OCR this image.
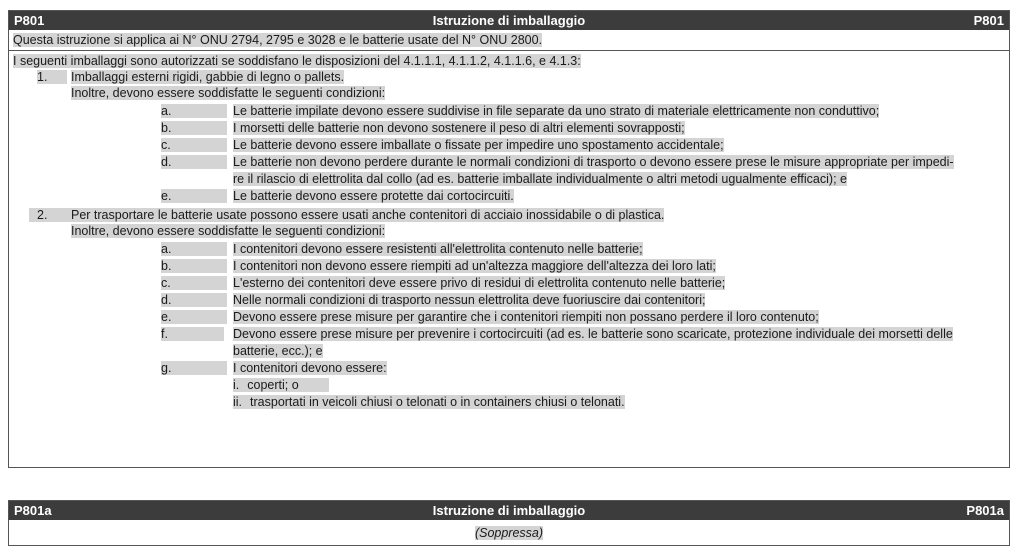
P801	Istruzione di imballaggio	P801
Questa istruzione si applica ai N° ONU 2794, 2795 e 3028 e le batterie usate del N° ONU 2800.
I seguenti imballaggi sono autorizzati se soddisfano le disposizioni del 4.1.1.1, 4.1.1.2, 4.1.1.6, e 4.1.3:
1.	Imballaggi esterni rigidi, gabbie di legno o pallets.
Inoltre, devono essere soddisfatte le seguenti condizioni:
a.	Le batterie impilate devono essere suddivise in file separate da uno strato di materiale elettricamente non conduttivo;
b.	I morsetti delle batterie non devono sostenere il peso di altri elementi sovrapposti;
c.	Le batterie devono essere imballate o fissate per impedire uno spostamento accidentale;
d.	Le batterie non devono perdere durante le normali condizioni di trasporto o devono essere prese le misure appropriate per impedi-
re il rilascio di elettrolita dal collo (ad es. batterie imballate individualmente o altri metodi ugualmente efficaci); e
e.	Le batterie devono essere protette dai cortocircuiti.
2.	Per trasportare le batterie usate possono essere usati anche contenitori di acciaio inossidabile o di plastica.
Inoltre, devono essere soddisfatte le seguenti condizioni:
a.	I contenitori devono essere resistenti all'elettrolita contenuto nelle batterie;
b.	I contenitori non devono essere riempiti ad un'altezza maggiore dell'altezza dei loro lati;
c.	L'esterno dei contenitori deve essere privo di residui di elettrolita contenuto nelle batterie;
d.	Nelle normali condizioni di trasporto nessun elettrolita deve fuoriuscire dai contenitori;
e.	Devono essere prese misure per garantire che i contenitori riempiti non possano perdere il loro contenuto;
f.	Devono essere prese misure per prevenire i cortocircuiti (ad es. le batterie sono scaricate, protezione individuale dei morsetti delle
batterie, ecc.); e
g.	I contenitori devono essere:
i. coperti; o
ii. trasportati in veicoli chiusi o telonati o in containers chiusi o telonati.
P801a	Istruzione di imballaggio	P801a
(Soppressa)
